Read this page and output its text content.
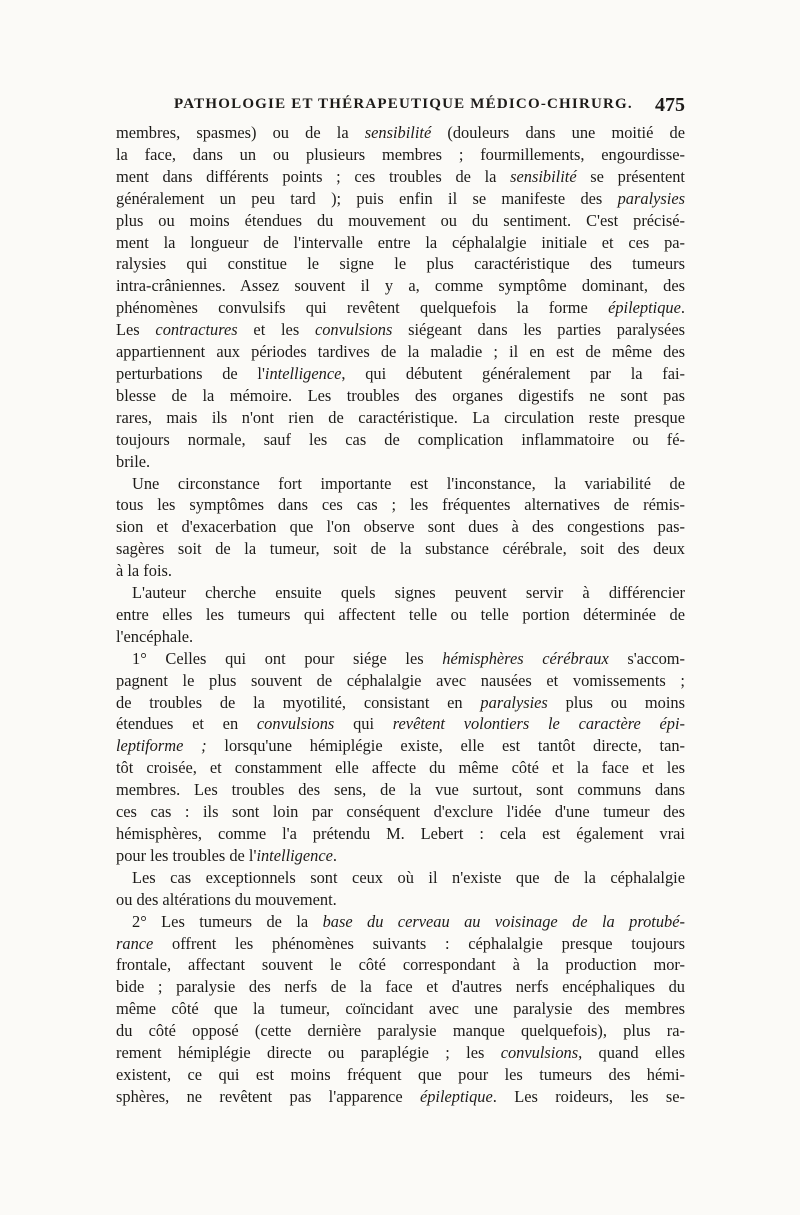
PATHOLOGIE ET THÉRAPEUTIQUE MÉDICO-CHIRURG. 475
membres, spasmes) ou de la sensibilité (douleurs dans une moitié de
la face, dans un ou plusieurs membres ; fourmillements, engourdisse-
ment dans différents points ; ces troubles de la sensibilité se présentent
généralement un peu tard ); puis enfin il se manifeste des paralysies
plus ou moins étendues du mouvement ou du sentiment. C'est précisé-
ment la longueur de l'intervalle entre la céphalalgie initiale et ces pa-
ralysies qui constitue le signe le plus caractéristique des tumeurs
intra-crâniennes. Assez souvent il y a, comme symptôme dominant, des
phénomènes convulsifs qui revêtent quelquefois la forme épileptique.
Les contractures et les convulsions siégeant dans les parties paralysées
appartiennent aux périodes tardives de la maladie ; il en est de même des
perturbations de l'intelligence, qui débutent généralement par la fai-
blesse de la mémoire. Les troubles des organes digestifs ne sont pas
rares, mais ils n'ont rien de caractéristique. La circulation reste presque
toujours normale, sauf les cas de complication inflammatoire ou fé-
brile.
Une circonstance fort importante est l'inconstance, la variabilité de
tous les symptômes dans ces cas ; les fréquentes alternatives de rémis-
sion et d'exacerbation que l'on observe sont dues à des congestions pas-
sagères soit de la tumeur, soit de la substance cérébrale, soit des deux
à la fois.
L'auteur cherche ensuite quels signes peuvent servir à différencier
entre elles les tumeurs qui affectent telle ou telle portion déterminée de
l'encéphale.
1° Celles qui ont pour siége les hémisphères cérébraux s'accom-
pagnent le plus souvent de céphalalgie avec nausées et vomissements ;
de troubles de la myotilité, consistant en paralysies plus ou moins
étendues et en convulsions qui revêtent volontiers le caractère épi-
leptiforme ; lorsqu'une hémiplégie existe, elle est tantôt directe, tan-
tôt croisée, et constamment elle affecte du même côté et la face et les
membres. Les troubles des sens, de la vue surtout, sont communs dans
ces cas : ils sont loin par conséquent d'exclure l'idée d'une tumeur des
hémisphères, comme l'a prétendu M. Lebert : cela est également vrai
pour les troubles de l'intelligence.
Les cas exceptionnels sont ceux où il n'existe que de la céphalalgie
ou des altérations du mouvement.
2° Les tumeurs de la base du cerveau au voisinage de la protubé-
rance offrent les phénomènes suivants : céphalalgie presque toujours
frontale, affectant souvent le côté correspondant à la production mor-
bide ; paralysie des nerfs de la face et d'autres nerfs encéphaliques du
même côté que la tumeur, coïncidant avec une paralysie des membres
du côté opposé (cette dernière paralysie manque quelquefois), plus ra-
rement hémiplégie directe ou paraplégie ; les convulsions, quand elles
existent, ce qui est moins fréquent que pour les tumeurs des hémi-
sphères, ne revêtent pas l'apparence épileptique. Les roideurs, les se-
